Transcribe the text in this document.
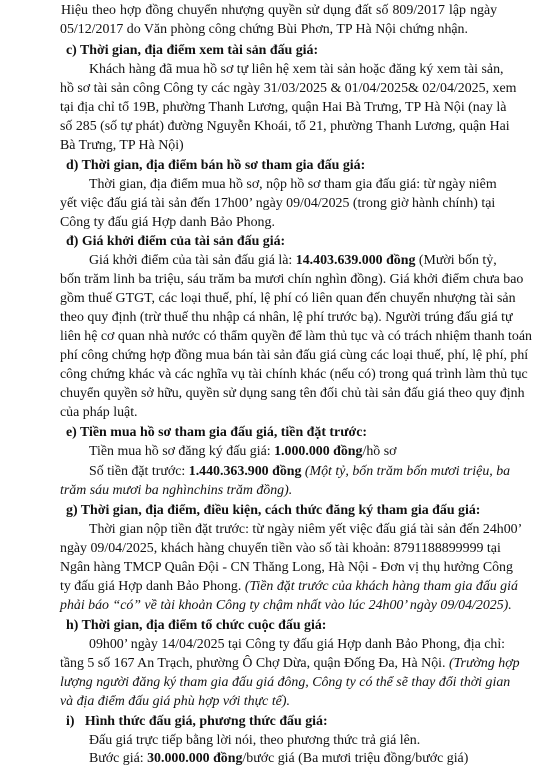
Hiệu theo hợp đồng chuyển nhượng quyền sử dụng đất số 809/2017 lập ngày
05/12/2017 do Văn phòng công chứng Bùi Phơn, TP Hà Nội chứng nhận.
c) Thời gian, địa điểm xem tài sản đấu giá:
Khách hàng đã mua hồ sơ tự liên hệ xem tài sản hoặc đăng ký xem tài sản,
hồ sơ tài sản công Công ty các ngày 31/03/2025 & 01/04/2025& 02/04/2025, xem
tại địa chỉ tổ 19B, phường Thanh Lương, quận Hai Bà Trưng, TP Hà Nội (nay là
số 285 (số tự phát) đường Nguyễn Khoái, tổ 21, phường Thanh Lương, quận Hai
Bà Trưng, TP Hà Nội)
d) Thời gian, địa điểm bán hồ sơ tham gia đấu giá:
Thời gian, địa điểm mua hồ sơ, nộp hồ sơ tham gia đấu giá: từ ngày niêm
yết việc đấu giá tài sản đến 17h00’ ngày 09/04/2025 (trong giờ hành chính) tại
Công ty đấu giá Hợp danh Bảo Phong.
đ) Giá khởi điểm của tài sản đấu giá:
Giá khởi điểm của tài sản đấu giá là: 14.403.639.000 đồng (Mười bốn tỷ,
bốn trăm linh ba triệu, sáu trăm ba mươi chín nghìn đồng). Giá khởi điểm chưa bao
gồm thuế GTGT, các loại thuế, phí, lệ phí có liên quan đến chuyển nhượng tài sản
theo quy định (trừ thuế thu nhập cá nhân, lệ phí trước bạ). Người trúng đấu giá tự
liên hệ cơ quan nhà nước có thẩm quyền để làm thủ tục và có trách nhiệm thanh toán
phí công chứng hợp đồng mua bán tài sản đấu giá cùng các loại thuế, phí, lệ phí, phí
công chứng khác và các nghĩa vụ tài chính khác (nếu có) trong quá trình làm thủ tục
chuyển quyền sở hữu, quyền sử dụng sang tên đối chủ tài sản đấu giá theo quy định
của pháp luật.
e) Tiền mua hồ sơ tham gia đấu giá, tiền đặt trước:
Tiền mua hồ sơ đăng ký đấu giá: 1.000.000 đồng/hồ sơ
Số tiền đặt trước: 1.440.363.900 đồng (Một tỷ, bốn trăm bốn mươi triệu, ba
trăm sáu mươi ba nghìnchins trăm đồng).
g) Thời gian, địa điểm, điều kiện, cách thức đăng ký tham gia đấu giá:
Thời gian nộp tiền đặt trước: từ ngày niêm yết việc đấu giá tài sản đến 24h00’
ngày 09/04/2025, khách hàng chuyển tiền vào số tài khoản: 8791188899999 tại
Ngân hàng TMCP Quân Đội - CN Thăng Long, Hà Nội - Đơn vị thụ hưởng Công
ty đấu giá Hợp danh Bảo Phong. (Tiền đặt trước của khách hàng tham gia đấu giá
phải báo “có” về tài khoản Công ty chậm nhất vào lúc 24h00’ ngày 09/04/2025).
h) Thời gian, địa điểm tổ chức cuộc đấu giá:
09h00’ ngày 14/04/2025 tại Công ty đấu giá Hợp danh Bảo Phong, địa chỉ:
tầng 5 số 167 An Trạch, phường Ô Chợ Dừa, quận Đống Đa, Hà Nội. (Trường hợp
lượng người đăng ký tham gia đấu giá đông, Công ty có thể sẽ thay đổi thời gian
và địa điểm đấu giá phù hợp với thực tế).
i)   Hình thức đấu giá, phương thức đấu giá:
Đấu giá trực tiếp bằng lời nói, theo phương thức trả giá lên.
Bước giá: 30.000.000 đồng/bước giá (Ba mươi triệu đồng/bước giá)
